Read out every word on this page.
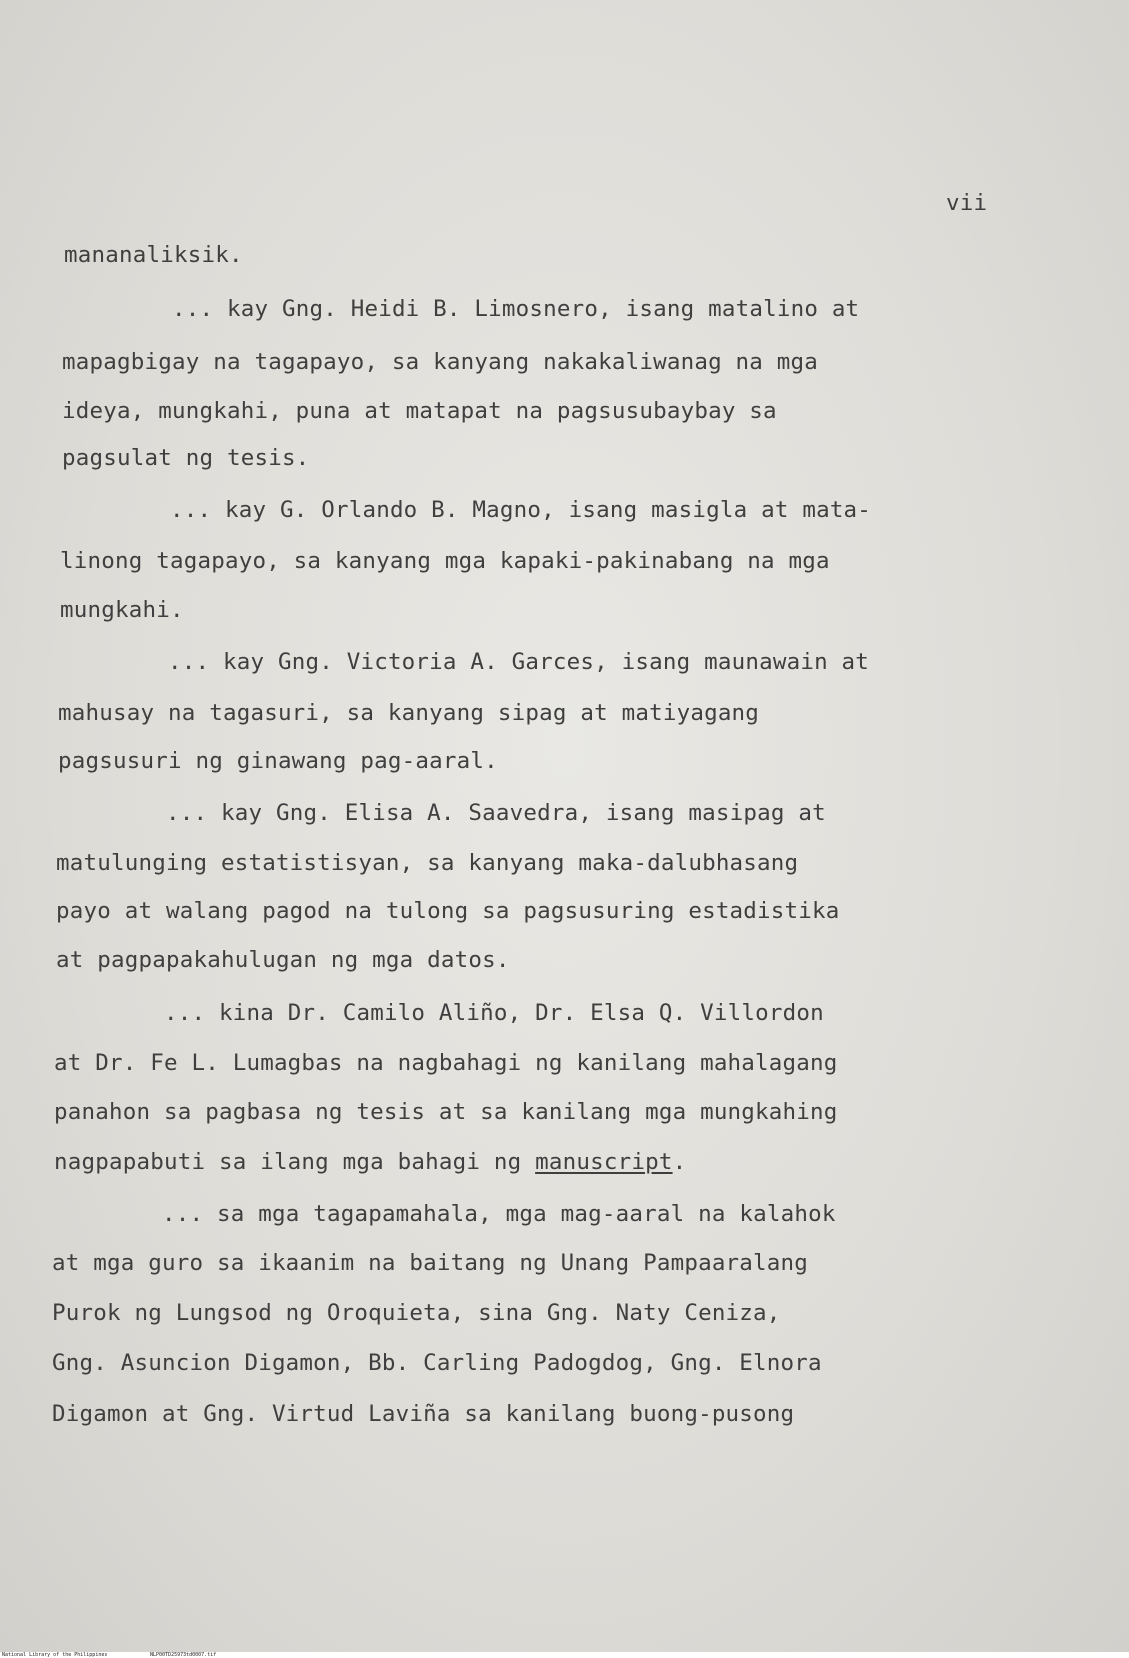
vii
mananaliksik.
... kay Gng. Heidi B. Limosnero, isang matalino at
mapagbigay na tagapayo, sa kanyang nakakaliwanag na mga
ideya, mungkahi, puna at matapat na pagsusubaybay sa
pagsulat ng tesis.
... kay G. Orlando B. Magno, isang masigla at mata-
linong tagapayo, sa kanyang mga kapaki-pakinabang na mga
mungkahi.
... kay Gng. Victoria A. Garces, isang maunawain at
mahusay na tagasuri, sa kanyang sipag at matiyagang
pagsusuri ng ginawang pag-aaral.
... kay Gng. Elisa A. Saavedra, isang masipag at
matulunging estatistisyan, sa kanyang maka-dalubhasang
payo at walang pagod na tulong sa pagsusuring estadistika
at pagpapakahulugan ng mga datos.
... kina Dr. Camilo Aliño, Dr. Elsa Q. Villordon
at Dr. Fe L. Lumagbas na nagbahagi ng kanilang mahalagang
panahon sa pagbasa ng tesis at sa kanilang mga mungkahing
nagpapabuti sa ilang mga bahagi ng manuscript.
... sa mga tagapamahala, mga mag-aaral na kalahok
at mga guro sa ikaanim na baitang ng Unang Pampaaralang
Purok ng Lungsod ng Oroquieta, sina Gng. Naty Ceniza,
Gng. Asuncion Digamon, Bb. Carling Padogdog, Gng. Elnora
Digamon at Gng. Virtud Laviña sa kanilang buong-pusong
National Library of the Philippines	NLP00TD25973td0007.tif
